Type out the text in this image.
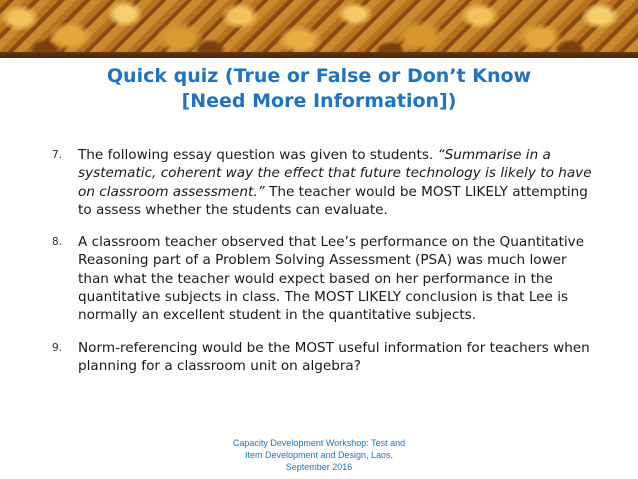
Quick quiz (True or False or Don’t Know
[Need More Information])
7.	The following essay question was given to students. “Summarise in a systematic, coherent way the effect that future technology is likely to have on classroom assessment.” The teacher would be MOST LIKELY attempting to assess whether the students can evaluate.
8.	A classroom teacher observed that Lee’s performance on the Quantitative Reasoning part of a Problem Solving Assessment (PSA) was much lower than what the teacher would expect based on her performance in the quantitative subjects in class. The MOST LIKELY conclusion is that Lee is normally an excellent student in the quantitative subjects.
9.	Norm-referencing would be the MOST useful information for teachers when planning for a classroom unit on algebra?
Capacity Development Workshop: Test and
Item Development and Design, Laos,
September 2016
